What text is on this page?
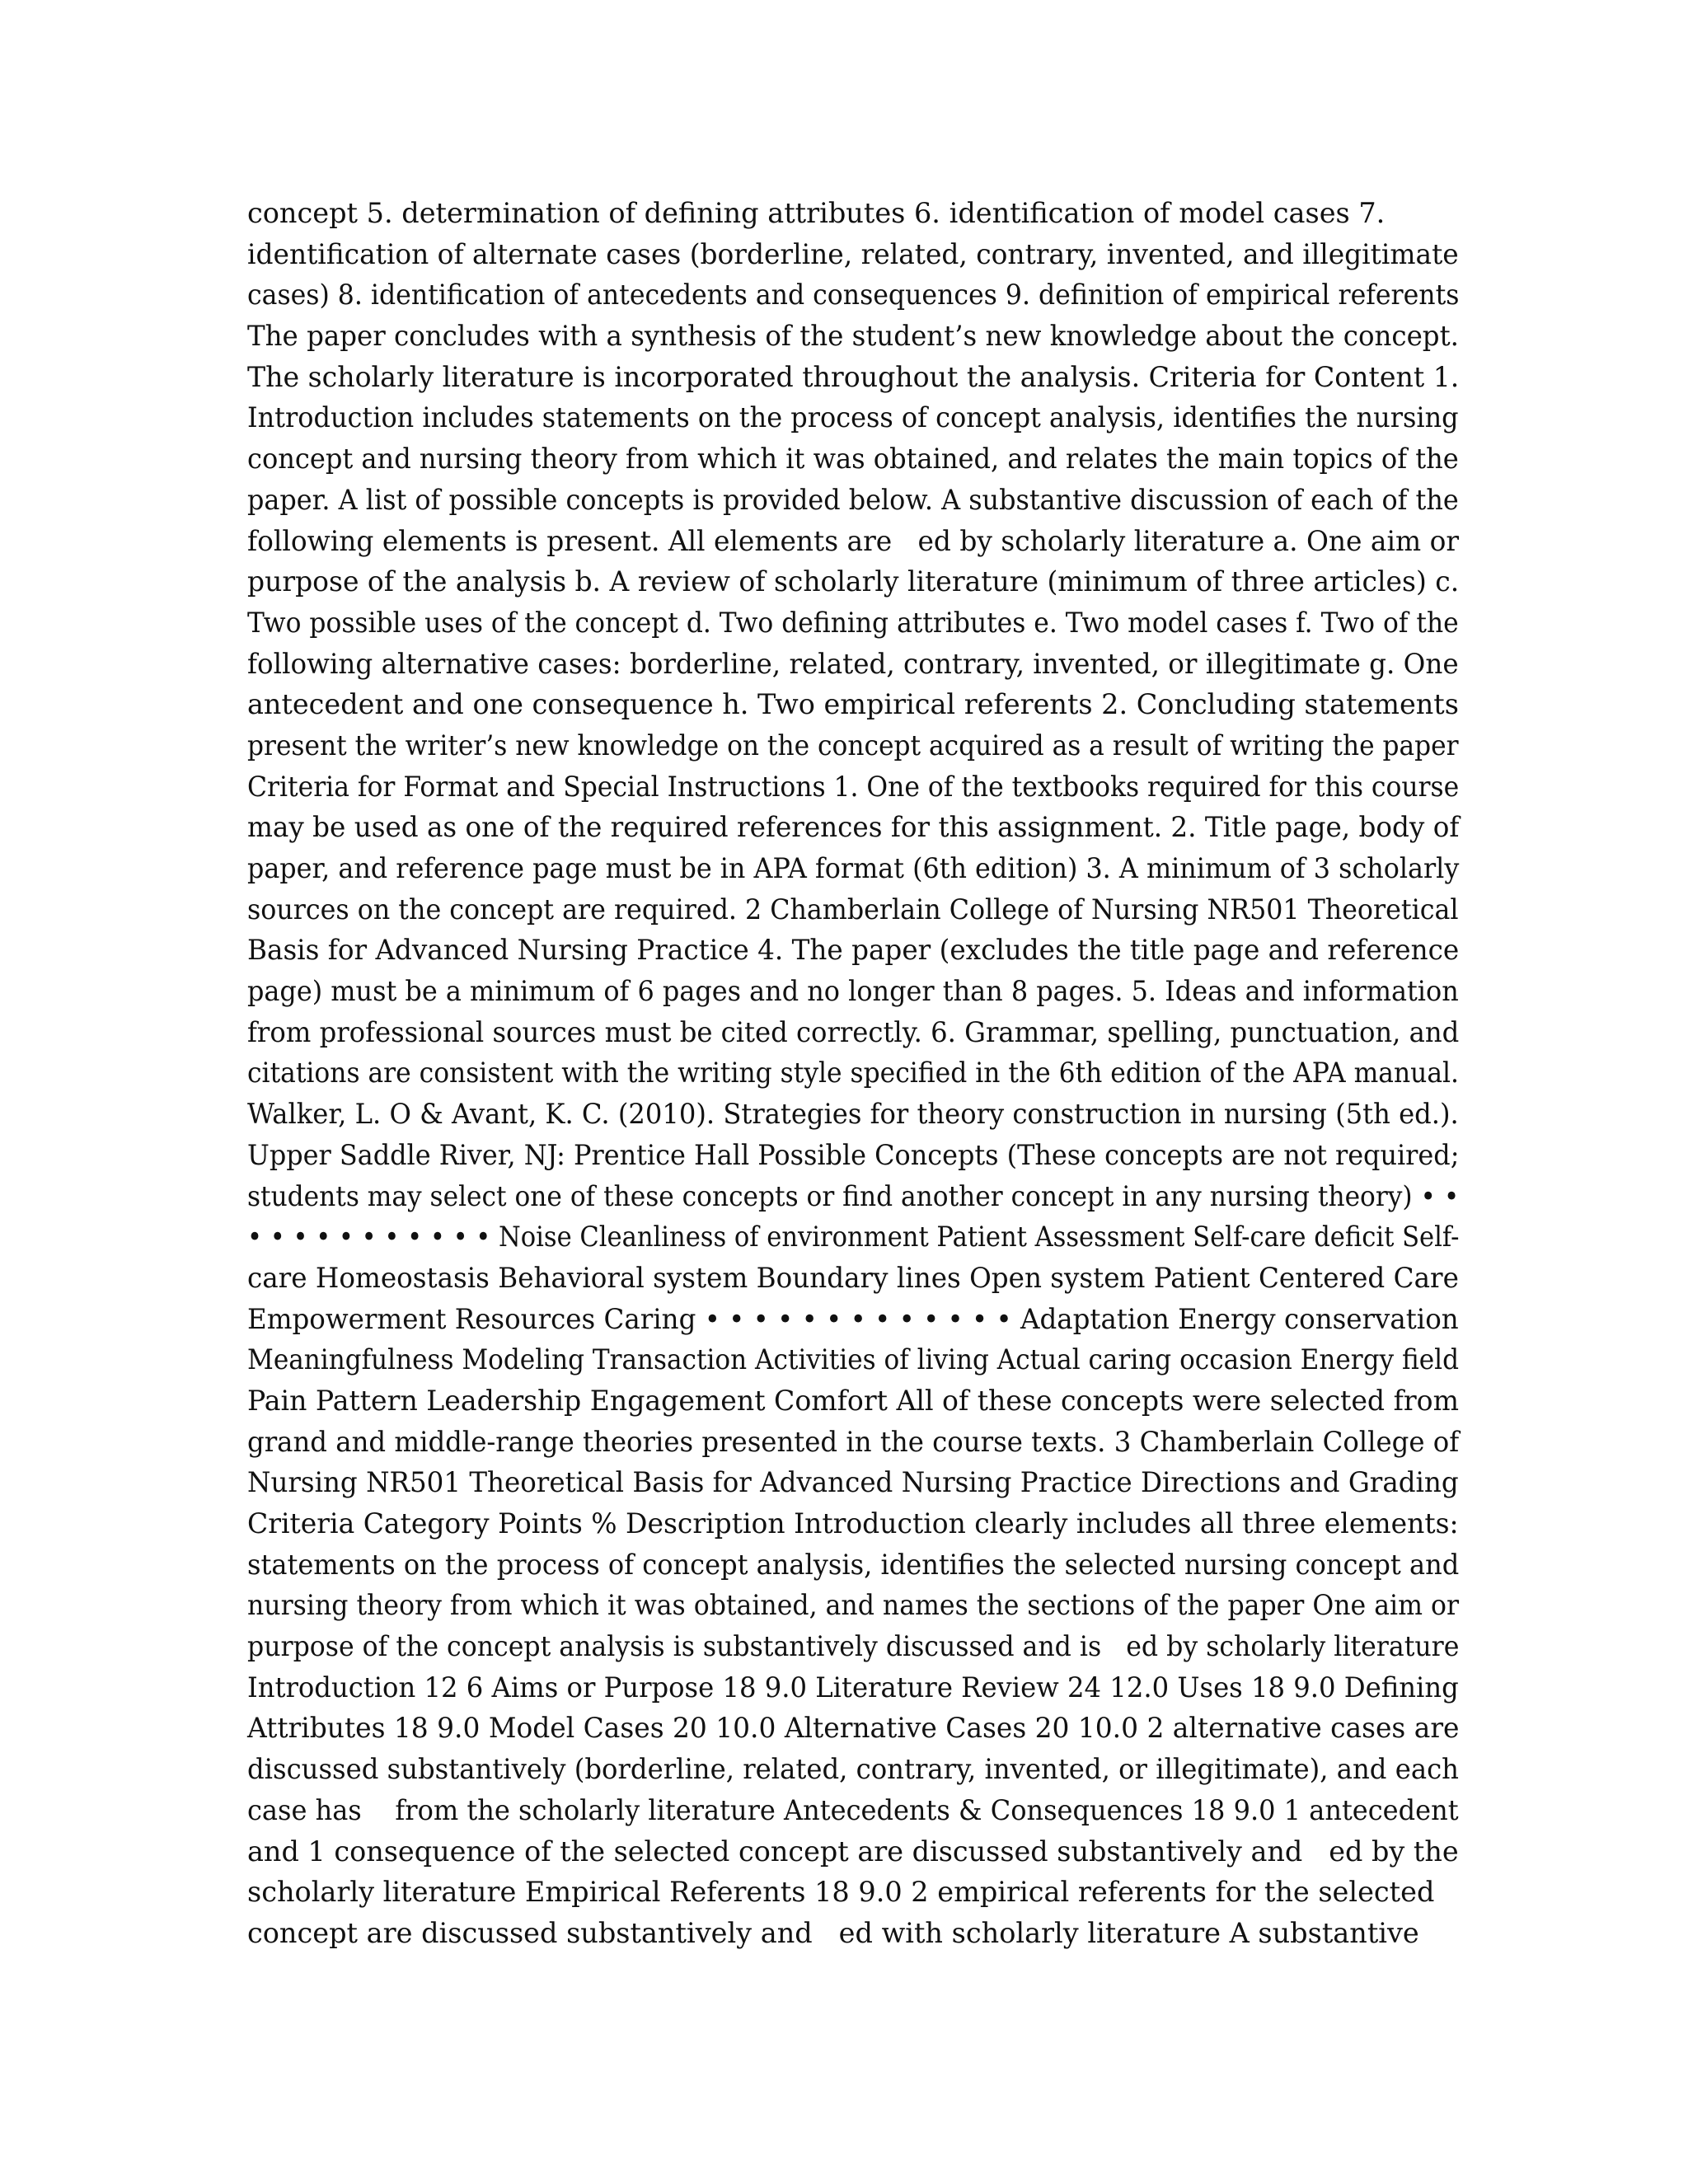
concept 5. determination of defining attributes 6. identification of model cases 7.
identification of alternate cases (borderline, related, contrary, invented, and illegitimate
cases) 8. identification of antecedents and consequences 9. definition of empirical referents
The paper concludes with a synthesis of the student’s new knowledge about the concept.
The scholarly literature is incorporated throughout the analysis. Criteria for Content 1.
Introduction includes statements on the process of concept analysis, identifies the nursing
concept and nursing theory from which it was obtained, and relates the main topics of the
paper. A list of possible concepts is provided below. A substantive discussion of each of the
following elements is present. All elements are   ed by scholarly literature a. One aim or
purpose of the analysis b. A review of scholarly literature (minimum of three articles) c.
Two possible uses of the concept d. Two defining attributes e. Two model cases f. Two of the
following alternative cases: borderline, related, contrary, invented, or illegitimate g. One
antecedent and one consequence h. Two empirical referents 2. Concluding statements
present the writer’s new knowledge on the concept acquired as a result of writing the paper
Criteria for Format and Special Instructions 1. One of the textbooks required for this course
may be used as one of the required references for this assignment. 2. Title page, body of
paper, and reference page must be in APA format (6th edition) 3. A minimum of 3 scholarly
sources on the concept are required. 2 Chamberlain College of Nursing NR501 Theoretical
Basis for Advanced Nursing Practice 4. The paper (excludes the title page and reference
page) must be a minimum of 6 pages and no longer than 8 pages. 5. Ideas and information
from professional sources must be cited correctly. 6. Grammar, spelling, punctuation, and
citations are consistent with the writing style specified in the 6th edition of the APA manual.
Walker, L. O & Avant, K. C. (2010). Strategies for theory construction in nursing (5th ed.).
Upper Saddle River, NJ: Prentice Hall Possible Concepts (These concepts are not required;
students may select one of these concepts or find another concept in any nursing theory) • •
• • • • • • • • • • • Noise Cleanliness of environment Patient Assessment Self-care deficit Self-
care Homeostasis Behavioral system Boundary lines Open system Patient Centered Care
Empowerment Resources Caring • • • • • • • • • • • • • Adaptation Energy conservation
Meaningfulness Modeling Transaction Activities of living Actual caring occasion Energy field
Pain Pattern Leadership Engagement Comfort All of these concepts were selected from
grand and middle-range theories presented in the course texts. 3 Chamberlain College of
Nursing NR501 Theoretical Basis for Advanced Nursing Practice Directions and Grading
Criteria Category Points % Description Introduction clearly includes all three elements:
statements on the process of concept analysis, identifies the selected nursing concept and
nursing theory from which it was obtained, and names the sections of the paper One aim or
purpose of the concept analysis is substantively discussed and is   ed by scholarly literature
Introduction 12 6 Aims or Purpose 18 9.0 Literature Review 24 12.0 Uses 18 9.0 Defining
Attributes 18 9.0 Model Cases 20 10.0 Alternative Cases 20 10.0 2 alternative cases are
discussed substantively (borderline, related, contrary, invented, or illegitimate), and each
case has    from the scholarly literature Antecedents & Consequences 18 9.0 1 antecedent
and 1 consequence of the selected concept are discussed substantively and   ed by the
scholarly literature Empirical Referents 18 9.0 2 empirical referents for the selected
concept are discussed substantively and   ed with scholarly literature A substantive
